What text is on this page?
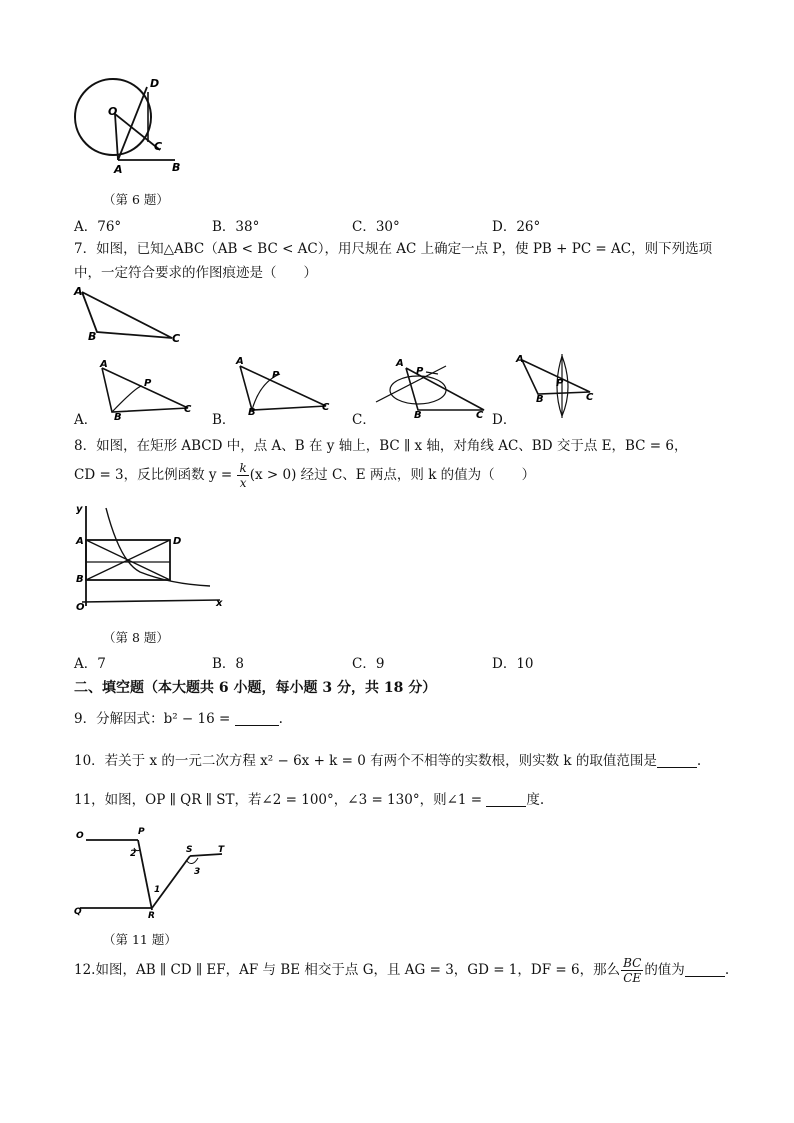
O
D
C
A	B
（第 6 题）
A．76°	B．38°	C．30°	D．26°
7．如图，已知△ABC（AB < BC < AC），用尺规在 AC 上确定一点 P，使 PB + PC = AC，则下列选项
中，一定符合要求的作图痕迹是（　　）
A
B	C
A．
A
P
B
C
B．
A
P
B	C
C．
A
P
B	C D．
A
P
B	C
8．如图，在矩形 ABCD 中，点 A、B 在 y 轴上，BC ∥ x 轴，对角线 AC、BD 交于点 E，BC = 6，
CD = 3，反比例函数 $y = \frac{k}{x} (x > 0)$ 经过 C、E 两点，则 k 的值为（　　）
y
A	D
B
O	x
（第 8 题）
A．7	B．8	C．9	D．10
二、填空题（本大题共 6 小题，每小题 3 分，共 18 分）
9．分解因式：b² − 16 =	.
10．若关于 x 的一元二次方程 x² − 6x + k = 0 有两个不相等的实数根，则实数 k 的取值范围是	.
11，如图，OP ∥ QR ∥ ST，若∠2 = 100°，∠3 = 130°，则∠1 =	度.
O	P
2	S	T
3
1
Q	R
（第 11 题）
12.如图，AB ∥ CD ∥ EF，AF 与 BE 相交于点 G，且 AG = 3，GD = 1，DF = 6，那么 $\frac{BC}{CE}$ 的值为	.
